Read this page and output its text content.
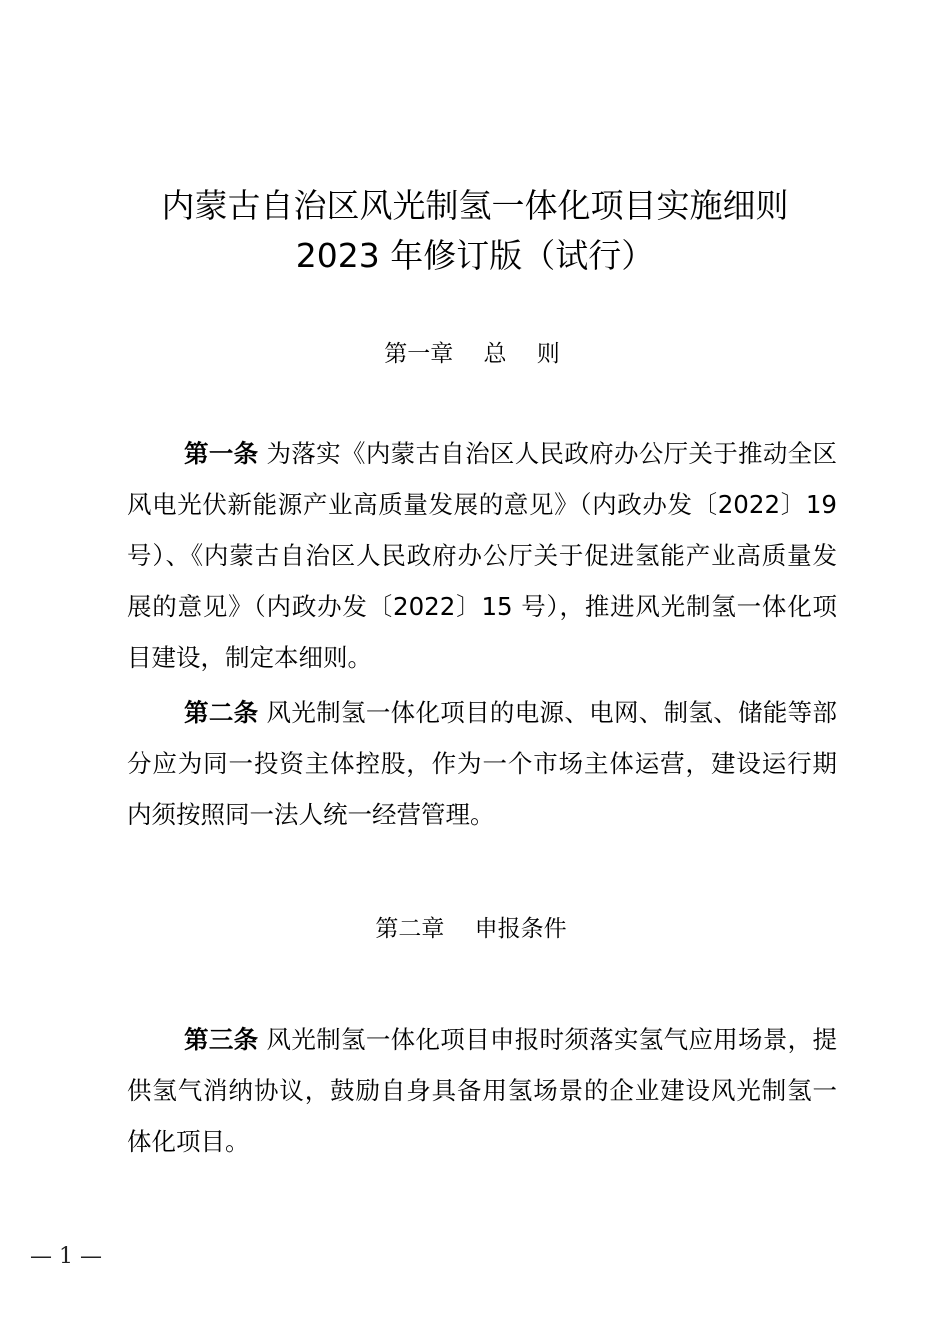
内蒙古自治区风光制氢一体化项目实施细则
2023 年修订版（试行）
第一章　 总　 则
第一条 为落实《内蒙古自治区人民政府办公厅关于推动全区风电光伏新能源产业高质量发展的意见》（内政办发〔2022〕19 号）、《内蒙古自治区人民政府办公厅关于促进氢能产业高质量发展的意见》（内政办发〔2022〕15 号），推进风光制氢一体化项目建设，制定本细则。
第二条 风光制氢一体化项目的电源、电网、制氢、储能等部分应为同一投资主体控股，作为一个市场主体运营，建设运行期内须按照同一法人统一经营管理。
第二章　 申报条件
第三条 风光制氢一体化项目申报时须落实氢气应用场景，提供氢气消纳协议，鼓励自身具备用氢场景的企业建设风光制氢一体化项目。
— 1 —
